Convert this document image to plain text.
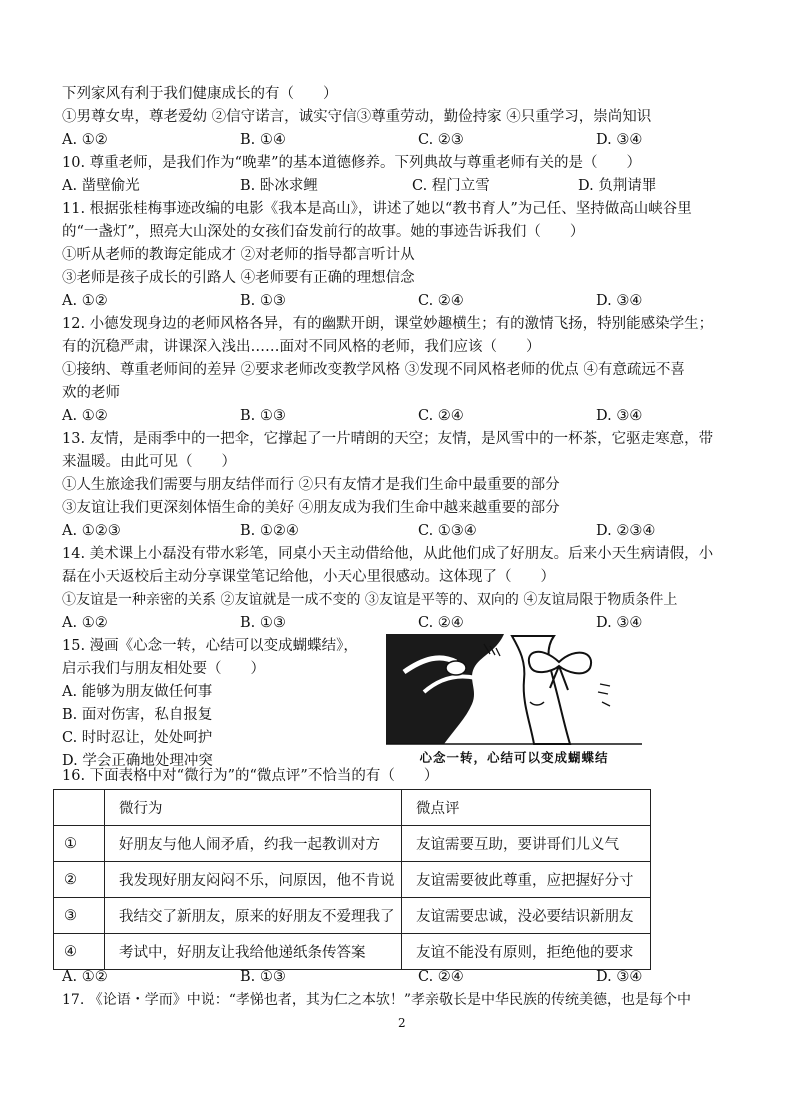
下列家风有利于我们健康成长的有（　　）
①男尊女卑，尊老爱幼 ②信守诺言，诚实守信③尊重劳动，勤俭持家 ④只重学习，崇尚知识
A. ①②	B. ①④	C. ②③	D. ③④
10. 尊重老师，是我们作为“晚辈”的基本道德修养。下列典故与尊重老师有关的是（　　）
A. 凿壁偷光	B. 卧冰求鲤	C. 程门立雪	D. 负荆请罪
11. 根据张桂梅事迹改编的电影《我本是高山》，讲述了她以“教书育人”为己任、坚持做高山峡谷里
的“一盏灯”，照亮大山深处的女孩们奋发前行的故事。她的事迹告诉我们（　　）
①听从老师的教诲定能成才 ②对老师的指导都言听计从
③老师是孩子成长的引路人 ④老师要有正确的理想信念
A. ①②	B. ①③	C. ②④	D. ③④
12. 小德发现身边的老师风格各异，有的幽默开朗，课堂妙趣横生；有的激情飞扬，特别能感染学生；
有的沉稳严肃，讲课深入浅出……面对不同风格的老师，我们应该（　　）
①接纳、尊重老师间的差异 ②要求老师改变教学风格 ③发现不同风格老师的优点 ④有意疏远不喜
欢的老师
A. ①②	B. ①③	C. ②④	D. ③④
13. 友情，是雨季中的一把伞，它撑起了一片晴朗的天空；友情，是风雪中的一杯茶，它驱走寒意，带
来温暖。由此可见（　　）
①人生旅途我们需要与朋友结伴而行 ②只有友情才是我们生命中最重要的部分
③友谊让我们更深刻体悟生命的美好 ④朋友成为我们生命中越来越重要的部分
A. ①②③	B. ①②④	C. ①③④	D. ②③④
14. 美术课上小磊没有带水彩笔，同桌小天主动借给他，从此他们成了好朋友。后来小天生病请假，小
磊在小天返校后主动分享课堂笔记给他，小天心里很感动。这体现了（　　）
①友谊是一种亲密的关系 ②友谊就是一成不变的 ③友谊是平等的、双向的 ④友谊局限于物质条件上
A. ①②	B. ①③	C. ②④	D. ③④
15. 漫画《心念一转，心结可以变成蝴蝶结》，
启示我们与朋友相处要（　　）
A. 能够为朋友做任何事
B. 面对伤害，私自报复
C. 时时忍让，处处呵护
D. 学会正确地处理冲突	心念一转，心结可以变成蝴蝶结
16. 下面表格中对“微行为”的“微点评”不恰当的有（　　）
	微行为	微点评
①	好朋友与他人闹矛盾，约我一起教训对方	友谊需要互助，要讲哥们儿义气
②	我发现好朋友闷闷不乐，问原因，他不肯说	友谊需要彼此尊重，应把握好分寸
③	我结交了新朋友，原来的好朋友不爱理我了	友谊需要忠诚，没必要结识新朋友
④	考试中，好朋友让我给他递纸条传答案	友谊不能没有原则，拒绝他的要求
A. ①②	B. ①③	C. ②④	D. ③④
17. 《论语・学而》中说：“孝悌也者，其为仁之本欤！”孝亲敬长是中华民族的传统美德，也是每个中
2
